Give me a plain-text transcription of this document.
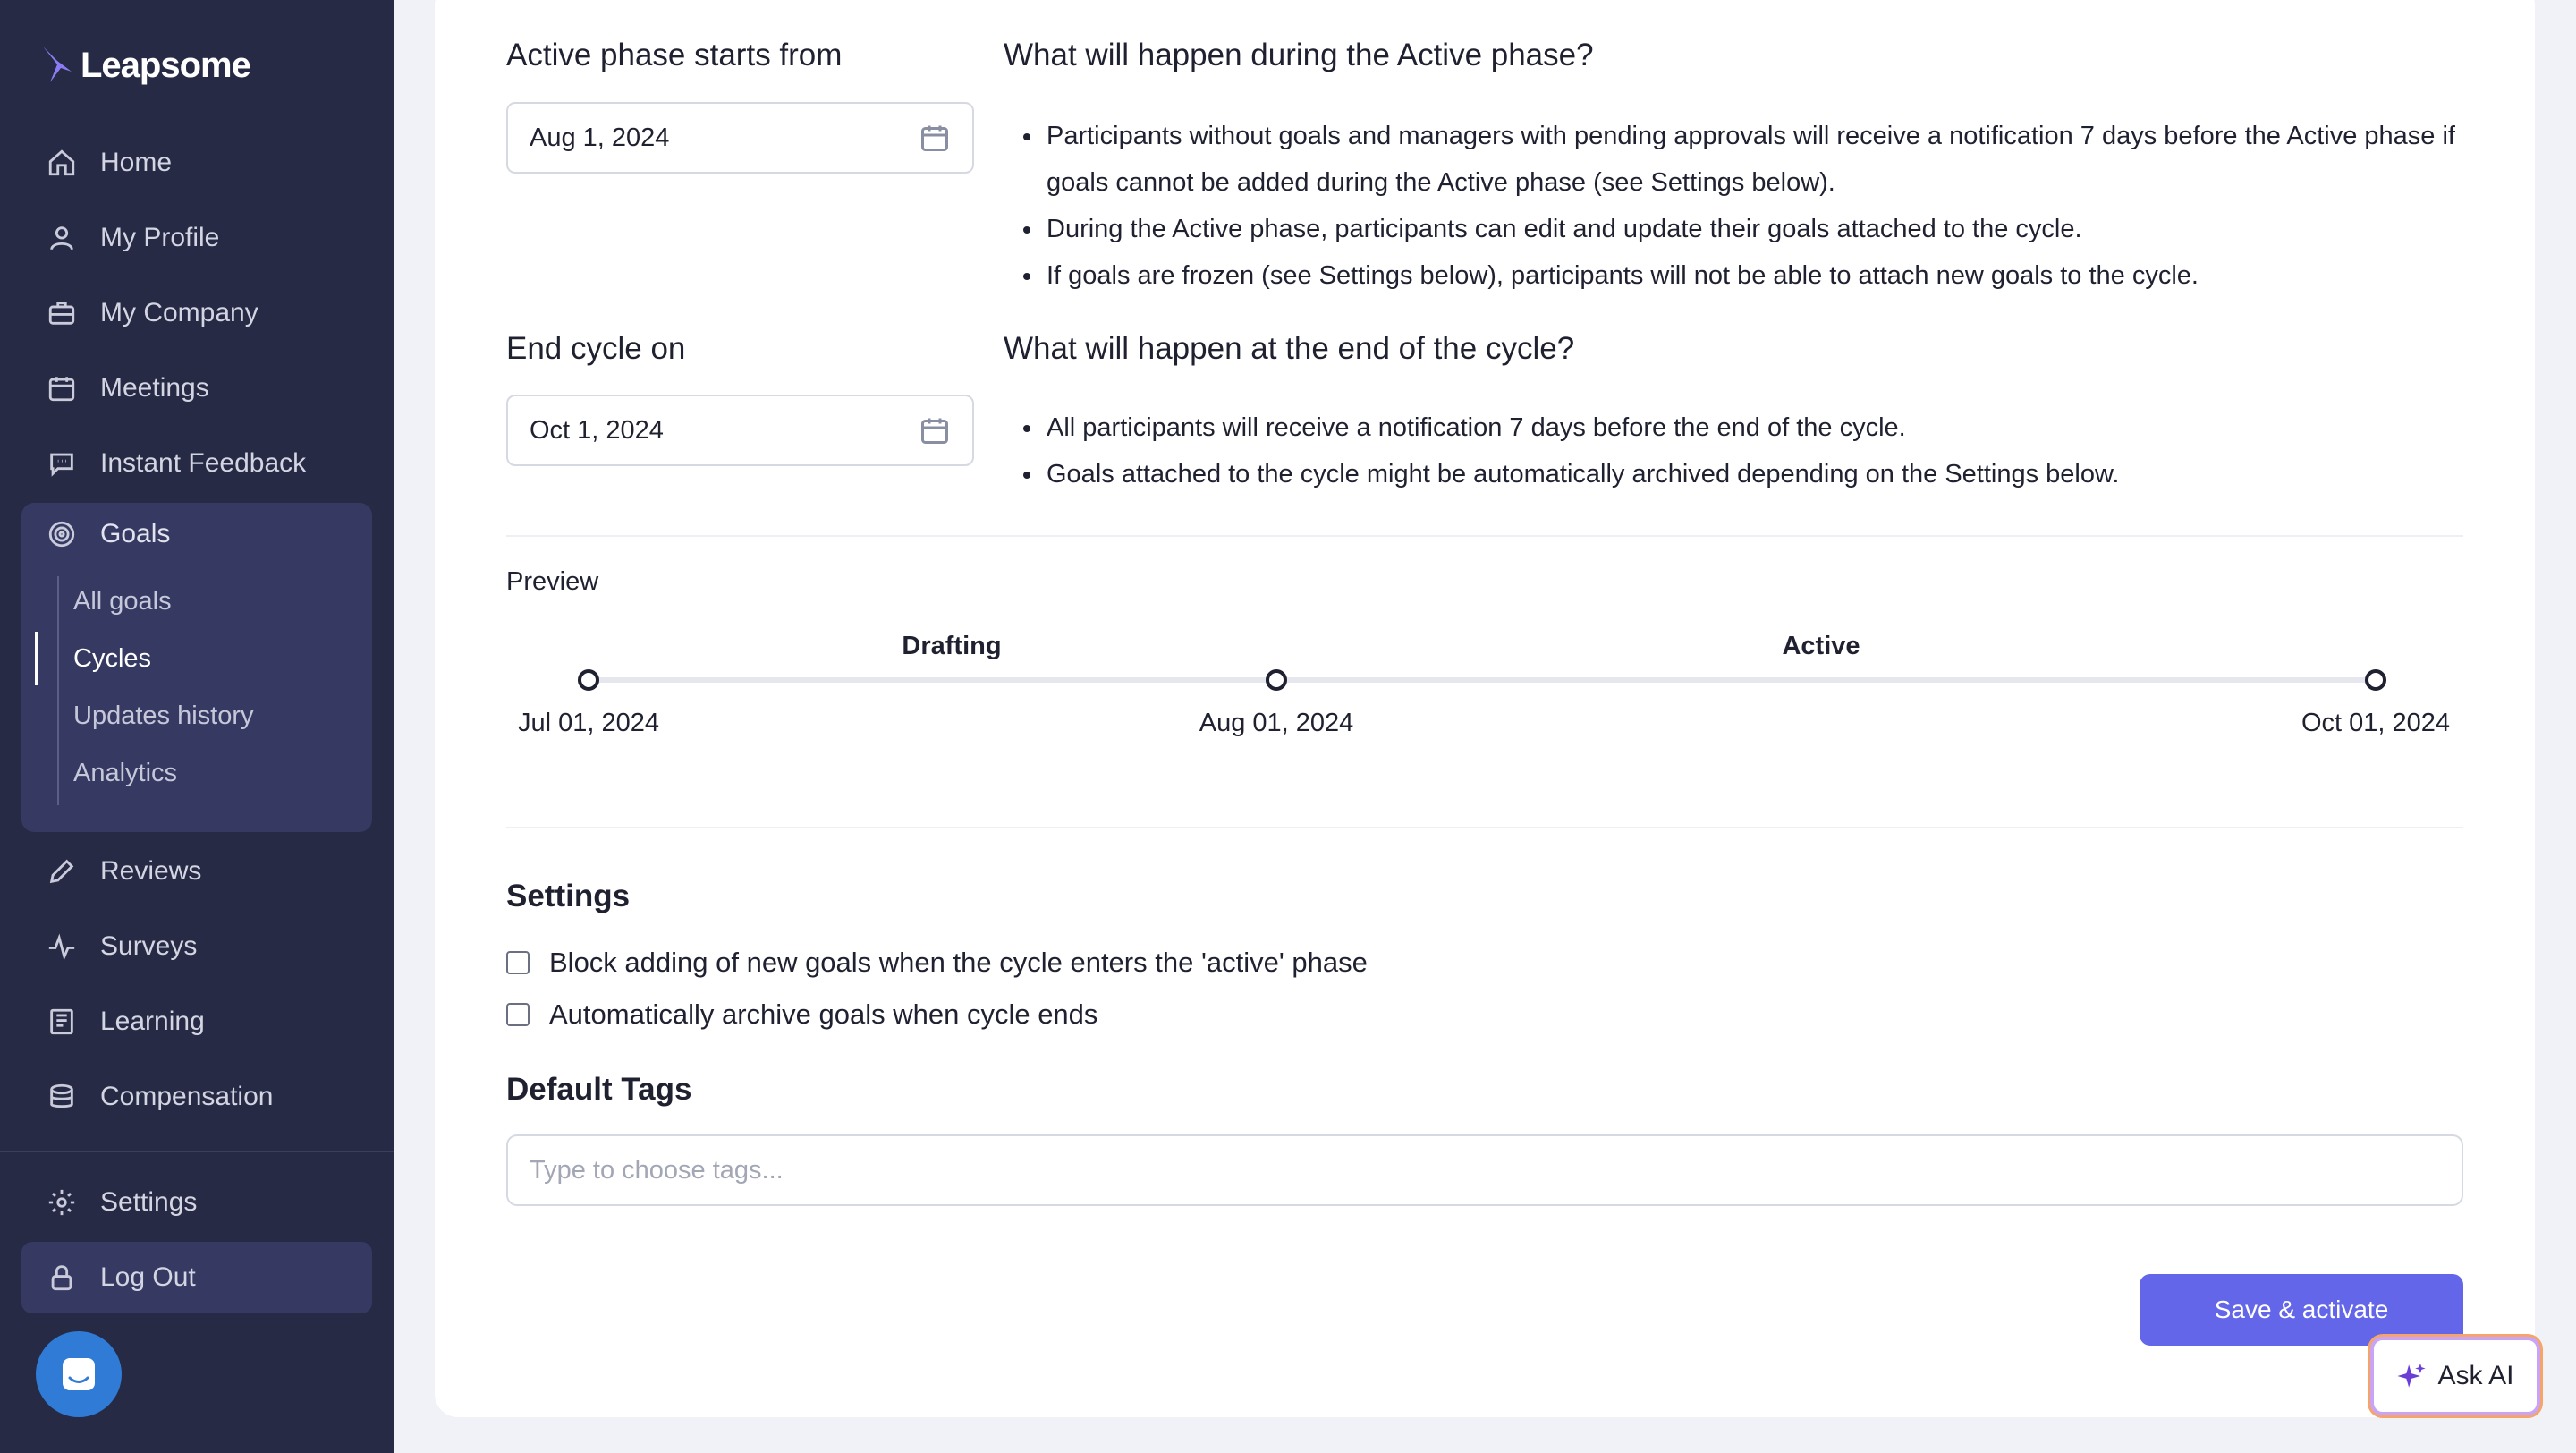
Leapsome
Home
My Profile
My Company
Meetings
Instant Feedback
Goals
All goals
Cycles
Updates history
Analytics
Reviews
Surveys
Learning
Compensation
Settings
Log Out
Active phase starts from
Aug 1, 2024
What will happen during the Active phase?
Participants without goals and managers with pending approvals will receive a notification 7 days before the Active phase if goals cannot be added during the Active phase (see Settings below).
During the Active phase, participants can edit and update their goals attached to the cycle.
If goals are frozen (see Settings below), participants will not be able to attach new goals to the cycle.
End cycle on
Oct 1, 2024
What will happen at the end of the cycle?
All participants will receive a notification 7 days before the end of the cycle.
Goals attached to the cycle might be automatically archived depending on the Settings below.
Preview
Drafting	Active
Jul 01, 2024	Aug 01, 2024	Oct 01, 2024
Settings
Block adding of new goals when the cycle enters the 'active' phase
Automatically archive goals when cycle ends
Default Tags
Type to choose tags...
Save & activate
Ask AI
